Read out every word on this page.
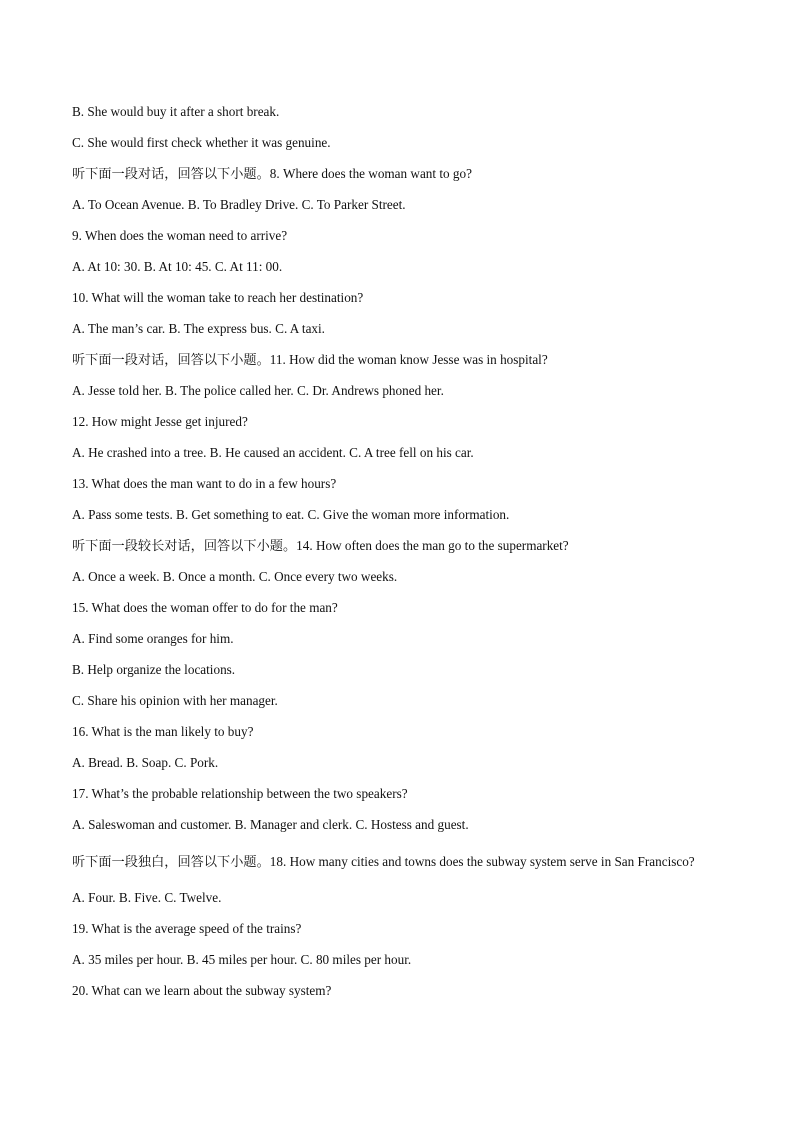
B. She would buy it after a short break.

C. She would first check whether it was genuine.

听下面一段对话，回答以下小题。8. Where does the woman want to go?

A. To Ocean Avenue. B. To Bradley Drive. C. To Parker Street.

9. When does the woman need to arrive?

A. At 10: 30. B. At 10: 45. C. At 11: 00.

10. What will the woman take to reach her destination?

A. The man’s car. B. The express bus. C. A taxi.

听下面一段对话，回答以下小题。11. How did the woman know Jesse was in hospital?

A. Jesse told her. B. The police called her. C. Dr. Andrews phoned her.

12. How might Jesse get injured?

A. He crashed into a tree. B. He caused an accident. C. A tree fell on his car.

13. What does the man want to do in a few hours?

A. Pass some tests. B. Get something to eat. C. Give the woman more information.

听下面一段较长对话，回答以下小题。14. How often does the man go to the supermarket?

A. Once a week. B. Once a month. C. Once every two weeks.

15. What does the woman offer to do for the man?

A. Find some oranges for him.

B. Help organize the locations.

C. Share his opinion with her manager.

16. What is the man likely to buy?

A. Bread. B. Soap. C. Pork.

17. What’s the probable relationship between the two speakers?

A. Saleswoman and customer. B. Manager and clerk. C. Hostess and guest.

听下面一段独白，回答以下小题。18. How many cities and towns does the subway system serve in San Francisco?

A. Four. B. Five. C. Twelve.

19. What is the average speed of the trains?

A. 35 miles per hour. B. 45 miles per hour. C. 80 miles per hour.

20. What can we learn about the subway system?
